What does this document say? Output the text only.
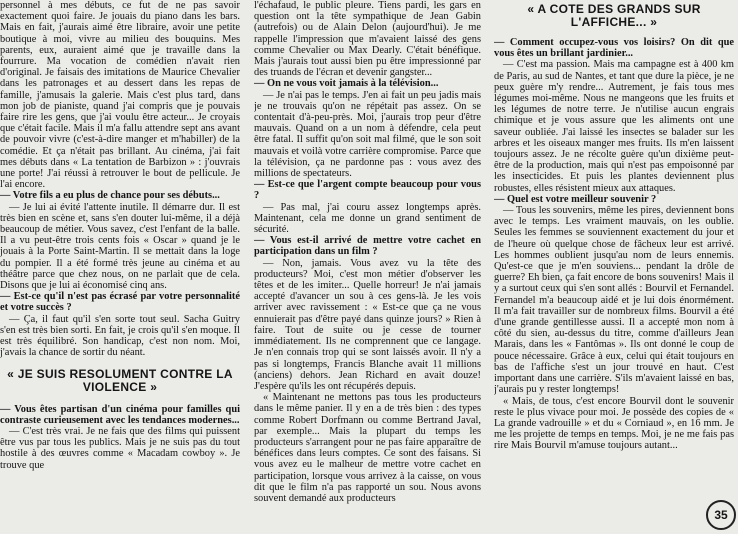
personnel à mes débuts, ce fut de ne pas savoir exactement quoi faire. Je jouais du piano dans les bars. Mais en fait, j'aurais aimé être libraire, avoir une petite boutique à moi, vivre au milieu des bouquins. Mes parents, eux, auraient aimé que je travaille dans la fourrure. Ma vocation de comédien n'avait rien d'original. Je faisais des imitations de Maurice Chevalier dans les patronages et au dessert dans les repas de famille, j'amusais la galerie. Mais c'est plus tard, dans mon job de pianiste, quand j'ai compris que je pouvais faire rire les gens, que j'ai voulu être acteur... Je croyais que c'était facile. Mais il m'a fallu attendre sept ans avant de pouvoir vivre (c'est-à-dire manger et m'habiller) de la comédie. Et ça n'était pas brillant. Au cinéma, j'ai fait mes débuts dans « La tentation de Barbizon » : j'ouvrais une porte! J'ai réussi à retrouver le bout de pellicule. Je l'ai encore.

— Votre fils a eu plus de chance pour ses débuts...

— Je lui ai évité l'attente inutile. Il démarre dur. Il est très bien en scène et, sans s'en douter lui-même, il a déjà beaucoup de métier. Vous savez, c'est l'enfant de la balle. Il a vu peut-être trois cents fois « Oscar » quand je le jouais à la Porte Saint-Martin. Il se mettait dans la loge du pompier. Il a été formé très jeune au cinéma et au théâtre parce que chez nous, on ne parlait que de cela. Disons que je lui ai économisé cinq ans.

— Est-ce qu'il n'est pas écrasé par votre personnalité et votre succès ?

— Ça, il faut qu'il s'en sorte tout seul. Sacha Guitry s'en est très bien sorti. En fait, je crois qu'il s'en moque. Il est très équilibré. Son handicap, c'est non nom. Moi, j'avais la chance de sortir du néant.

« JE SUIS RESOLUMENT CONTRE LA VIOLENCE »

— Vous êtes partisan d'un cinéma pour familles qui contraste curieusement avec les tendances modernes...

— C'est très vrai. Je ne fais que des films qui puissent être vus par tous les publics. Mais je ne suis pas du tout hostile à des œuvres comme « Macadam cowboy ». Je trouve que

l'échafaud, le public pleure. Tiens pardi, les gars en question ont la tête sympathique de Jean Gabin (autrefois) ou de Alain Delon (aujourd'hui). Je me rappelle l'impression que m'avaient laissé des gens comme Chevalier ou Max Dearly. C'était bénéfique. Mais j'aurais tout aussi bien pu être impressionné par des truands de l'écran et devenir gangster...

— On ne vous voit jamais à la télévision...

— Je n'ai pas le temps. J'en ai fait un peu jadis mais je ne trouvais qu'on ne répétait pas assez. On se contentait d'à-peu-près. Moi, j'aurais trop peur d'être mauvais. Quand on a un nom à défendre, cela peut être fatal. Il suffit qu'on soit mal filmé, que le son soit mauvais et voilà votre carrière compromise. Parce que la télévision, ça ne pardonne pas : vous avez des millions de spectateurs.

— Est-ce que l'argent compte beaucoup pour vous ?

— Pas mal, j'ai couru assez longtemps après. Maintenant, cela me donne un grand sentiment de sécurité.

— Vous est-il arrivé de mettre votre cachet en participation dans un film ?

— Non, jamais. Vous avez vu la tête des producteurs? Moi, c'est mon métier d'observer les têtes et de les imiter... Quelle horreur! Je n'ai jamais accepté d'avancer un sou à ces gens-là. Je les vois arriver avec ravissement : « Est-ce que ça ne vous ennuierait pas d'être payé dans quinze jours? » Rien à faire. Tout de suite ou je cesse de tourner immédiatement. Ils ne comprennent que ce langage. Je n'en connais trop qui se sont laissés avoir. Il n'y a pas si longtemps, Francis Blanche avait 11 millions (anciens) dehors. Jean Richard en avait douze! J'espère qu'ils les ont récupérés depuis.

« Maintenant ne mettons pas tous les producteurs dans le même panier. Il y en a de très bien : des types comme Robert Dorfmann ou comme Bertrand Javal, par exemple... Mais la plupart du temps les producteurs s'arrangent pour ne pas faire apparaître de bénéfices dans leurs comptes. Ce sont des faisans. Si vous avez eu le malheur de mettre votre cachet en participation, lorsque vous arrivez à la caisse, on vous dit que le film n'a pas rapporté un sou. Nous avons souvent demandé aux producteurs

« A COTE DES GRANDS SUR L'AFFICHE... »

— Comment occupez-vous vos loisirs? On dit que vous êtes un brillant jardinier...

— C'est ma passion. Mais ma campagne est à 400 km de Paris, au sud de Nantes, et tant que dure la pièce, je ne peux guère m'y rendre... Autrement, je fais tous mes légumes moi-même. Nous ne mangeons que les fruits et les légumes de notre terre. Je n'utilise aucun engrais chimique et je vous assure que les aliments ont une saveur oubliée. J'ai laissé les insectes se balader sur les arbres et les oiseaux manger mes fruits. Ils m'en laissent toujours assez. Je ne récolte guère qu'un dixième peut-être de la production, mais qui n'est pas empoisonné par les insecticides. Et puis les plantes deviennent plus robustes, elles résistent mieux aux attaques.

— Quel est votre meilleur souvenir ?

— Tous les souvenirs, même les pires, deviennent bons avec le temps. Les vraiment mauvais, on les oublie. Seules les femmes se souviennent exactement du jour et de l'heure où quelque chose de fâcheux leur est arrivé. Les hommes oublient jusqu'au nom de leurs ennemis. Qu'est-ce que je m'en souviens... pendant la drôle de guerre? Eh bien, ça fait encore de bons souvenirs! Mais il y a surtout ceux qui s'en sont allés : Bourvil et Fernandel. Fernandel m'a beaucoup aidé et je lui dois énormément. Il m'a fait travailler sur de nombreux films. Bourvil a été d'une grande gentillesse aussi. Il a accepté mon nom à côté du sien, au-dessus du titre, comme d'ailleurs Jean Marais, dans les « Fantômas ». Ils ont donné le coup de pouce nécessaire. Grâce à eux, celui qui était toujours en bas de l'affiche s'est un jour trouvé en haut. C'est important dans une carrière. S'ils m'avaient laissé en bas, j'aurais pu y rester longtemps!

« Mais, de tous, c'est encore Bourvil dont le souvenir reste le plus vivace pour moi. Je possède des copies de « La grande vadrouille » et du « Corniaud », en 16 mm. Je me les projette de temps en temps. Moi, je ne me fais pas rire Mais Bourvil m'amuse toujours autant...

35
